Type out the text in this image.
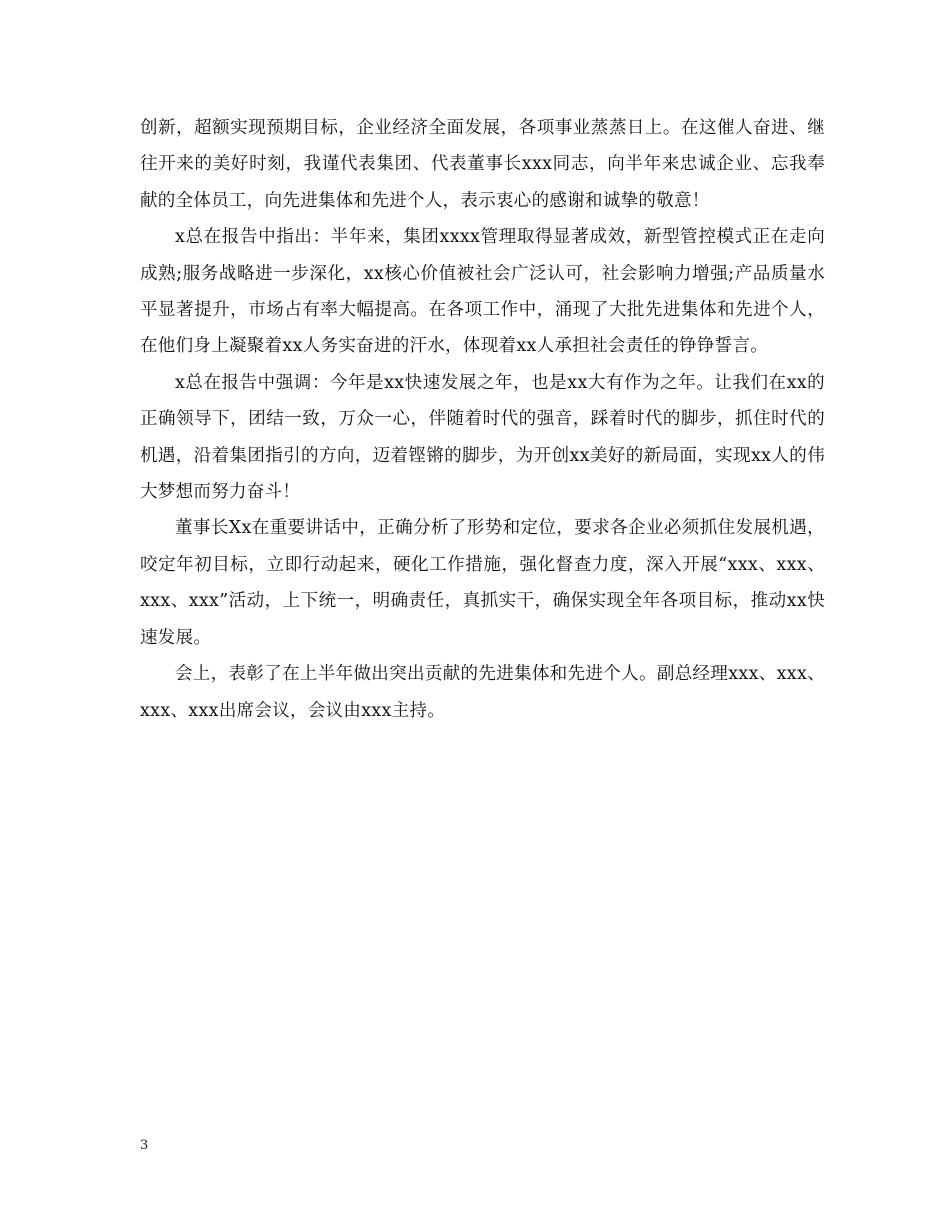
创新，超额实现预期目标，企业经济全面发展，各项事业蒸蒸日上。在这催人奋进、继往开来的美好时刻，我谨代表集团、代表董事长xxx同志，向半年来忠诚企业、忘我奉献的全体员工，向先进集体和先进个人，表示衷心的感谢和诚挚的敬意！

x总在报告中指出：半年来，集团xxxx管理取得显著成效，新型管控模式正在走向成熟;服务战略进一步深化，xx核心价值被社会广泛认可，社会影响力增强;产品质量水平显著提升，市场占有率大幅提高。在各项工作中，涌现了大批先进集体和先进个人，在他们身上凝聚着xx人务实奋进的汗水，体现着xx人承担社会责任的铮铮誓言。

x总在报告中强调：今年是xx快速发展之年，也是xx大有作为之年。让我们在xx的正确领导下，团结一致，万众一心，伴随着时代的强音，踩着时代的脚步，抓住时代的机遇，沿着集团指引的方向，迈着铿锵的脚步，为开创xx美好的新局面，实现xx人的伟大梦想而努力奋斗！

董事长Xx在重要讲话中，正确分析了形势和定位，要求各企业必须抓住发展机遇，咬定年初目标，立即行动起来，硬化工作措施，强化督查力度，深入开展“xxx、xxx、xxx、xxx”活动，上下统一，明确责任，真抓实干，确保实现全年各项目标，推动xx快速发展。

会上，表彰了在上半年做出突出贡献的先进集体和先进个人。副总经理xxx、xxx、xxx、xxx出席会议，会议由xxx主持。

3
